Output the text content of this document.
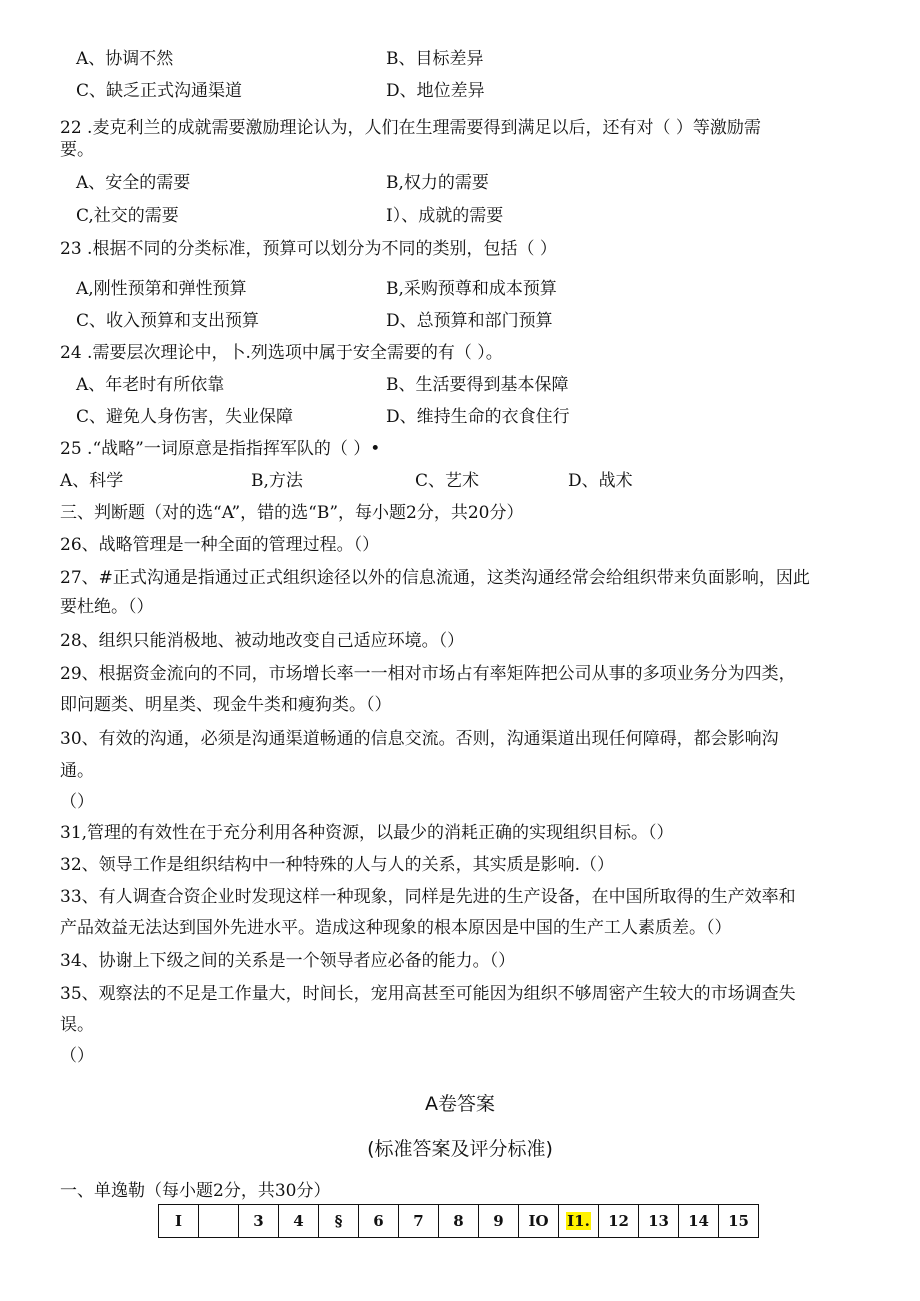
A、协调不然	B、目标差异
C、缺乏正式沟通渠道	D、地位差异
22 .麦克利兰的成就需要激励理论认为，人们在生理需要得到满足以后，还有对（ ）等激励需
要。
A、安全的需要	B,权力的需要
C,社交的需要	I）、成就的需要
23 .根据不同的分类标准，预算可以划分为不同的类别，包括（ ）
A,刚性预第和弹性预算	B,采购预尊和成本预算
C、收入预算和支出预算	D、总预算和部门预算
24 .需要层次理论中，卜.列选项中属于安全需要的有（ ）。
A、年老时有所依靠	B、生活要得到基本保障
C、避免人身伤害，失业保障	D、维持生命的衣食住行
25 .“战略”一词原意是指指挥军队的（ ）•
A、科学	B,方法	C、艺术	D、战术
三、判断题（对的选“A”，错的选“B”，每小题2分，共20分）
26、战略管理是一种全面的管理过程。（）
27、#正式沟通是指通过正式组织途径以外的信息流通，这类沟通经常会给组织带来负面影响，因此
要杜绝。（）
28、组织只能消极地、被动地改变自己适应环境。（）
29、根据资金流向的不同，市场增长率一一相对市场占有率矩阵把公司从事的多项业务分为四类，
即问题类、明星类、现金牛类和瘦狗类。（）
30、有效的沟通，必须是沟通渠道畅通的信息交流。否则，沟通渠道出现任何障碍，都会影响沟
通。
（）
31,管理的有效性在于充分利用各种资源，以最少的消耗正确的实现组织目标。（）
32、领导工作是组织结构中一种特殊的人与人的关系，其实质是影响.（）
33、有人调查合资企业时发现这样一种现象，同样是先进的生产设备，在中国所取得的生产效率和
产品效益无法达到国外先进水平。造成这种现象的根本原因是中国的生产工人素质差。（）
34、协谢上下级之间的关系是一个领导者应必备的能力。（）
35、观察法的不足是工作量大，时间长，宠用高甚至可能因为组织不够周密产生较大的市场调查失
误。
（）
A卷答案
(标准答案及评分标准)
一、单逸勒（每小题2分，共30分）
I		3	4	§	6	7	8	9	IO	I1.	12	13	14	15
